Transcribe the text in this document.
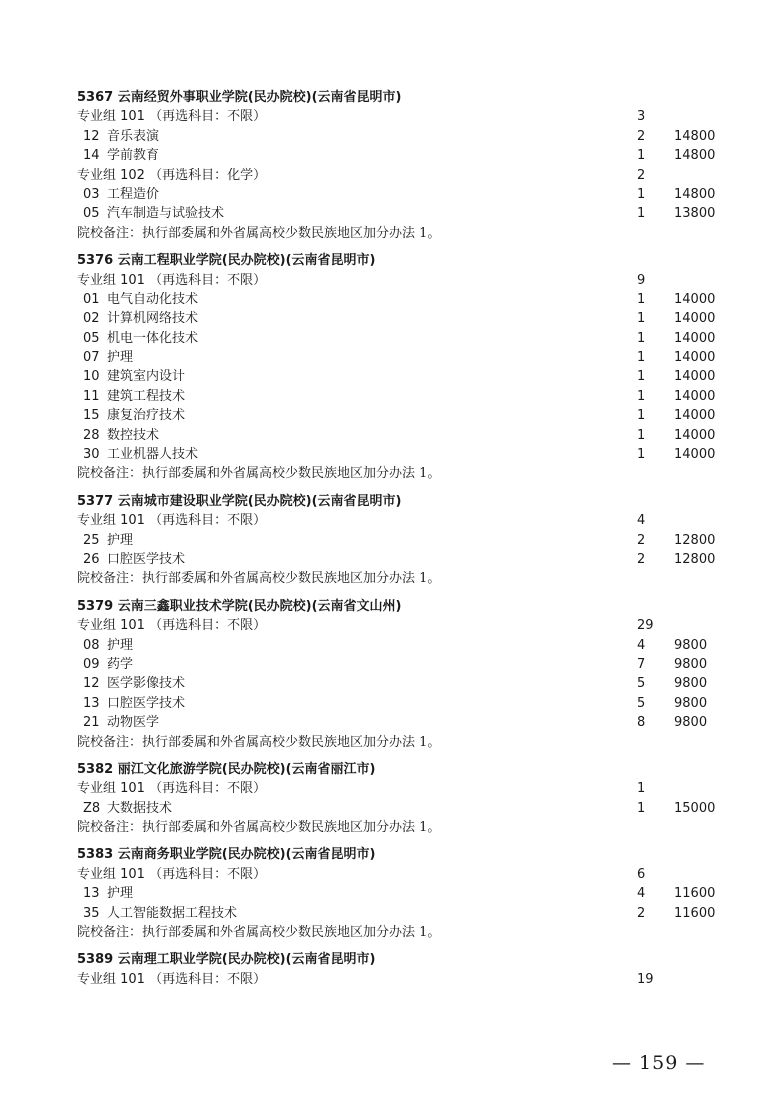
5367 云南经贸外事职业学院(民办院校)(云南省昆明市)
专业组 101 （再选科目：不限）	3
12 音乐表演	2 14800
14 学前教育	1 14800
专业组 102 （再选科目：化学）	2
03 工程造价	1 14800
05 汽车制造与试验技术	1 13800
院校备注：执行部委属和外省属高校少数民族地区加分办法 1。
5376 云南工程职业学院(民办院校)(云南省昆明市)
专业组 101 （再选科目：不限）	9
01 电气自动化技术	1 14000
02 计算机网络技术	1 14000
05 机电一体化技术	1 14000
07 护理	1 14000
10 建筑室内设计	1 14000
11 建筑工程技术	1 14000
15 康复治疗技术	1 14000
28 数控技术	1 14000
30 工业机器人技术	1 14000
院校备注：执行部委属和外省属高校少数民族地区加分办法 1。
5377 云南城市建设职业学院(民办院校)(云南省昆明市)
专业组 101 （再选科目：不限）	4
25 护理	2 12800
26 口腔医学技术	2 12800
院校备注：执行部委属和外省属高校少数民族地区加分办法 1。
5379 云南三鑫职业技术学院(民办院校)(云南省文山州)
专业组 101 （再选科目：不限）	29
08 护理	4 9800
09 药学	7 9800
12 医学影像技术	5 9800
13 口腔医学技术	5 9800
21 动物医学	8 9800
院校备注：执行部委属和外省属高校少数民族地区加分办法 1。
5382 丽江文化旅游学院(民办院校)(云南省丽江市)
专业组 101 （再选科目：不限）	1
Z8 大数据技术	1 15000
院校备注：执行部委属和外省属高校少数民族地区加分办法 1。
5383 云南商务职业学院(民办院校)(云南省昆明市)
专业组 101 （再选科目：不限）	6
13 护理	4 11600
35 人工智能数据工程技术	2 11600
院校备注：执行部委属和外省属高校少数民族地区加分办法 1。
5389 云南理工职业学院(民办院校)(云南省昆明市)
专业组 101 （再选科目：不限）	19
— 159 —
